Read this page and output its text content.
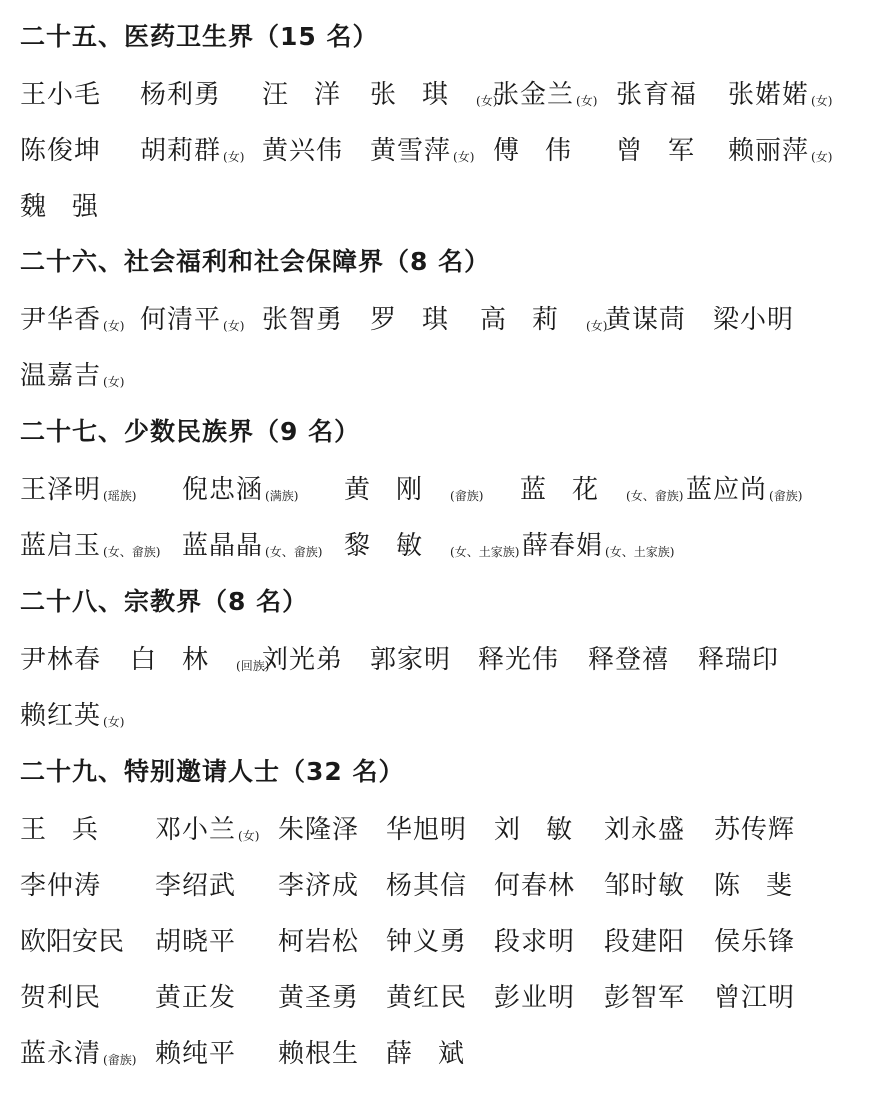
二十五、医药卫生界（15 名）
王小毛 杨利勇 汪洋 张琪 (女)
张金兰 (女) 张育福 张婼婼 (女)
陈俊坤 胡莉群 (女) 黄兴伟 黄雪萍 (女) 傅伟 曾军 赖丽萍 (女)
魏强
二十六、社会福利和社会保障界（8 名）
尹华香 (女) 何清平 (女) 张智勇 罗琪 高莉 (女)
黄谋茼 梁小明
温嘉吉 (女)
二十七、少数民族界（9 名）
王泽明 (瑶族) 倪忠涵 (满族) 黄刚 (畲族) 蓝花 (女、畲族) 蓝应尚 (畲族)
蓝启玉 (女、畲族) 蓝晶晶 (女、畲族) 黎敏 (女、土家族) 薛春娟 (女、土家族)
二十八、宗教界（8 名）
尹林春 白林 (回族)
刘光弟 郭家明 释光伟 释登禧 释瑞印
赖红英 (女)
二十九、特别邀请人士（32 名）
王兵 邓小兰 (女) 朱隆泽 华旭明 刘敏 刘永盛 苏传辉
李仲涛 李绍武 李济成 杨其信 何春林 邹时敏 陈斐
欧阳安民 胡晓平 柯岩松 钟义勇 段求明 段建阳 侯乐锋
贺利民 黄正发 黄圣勇 黄红民 彭业明 彭智军 曾江明
蓝永清 (畲族) 赖纯平 赖根生 薛斌
